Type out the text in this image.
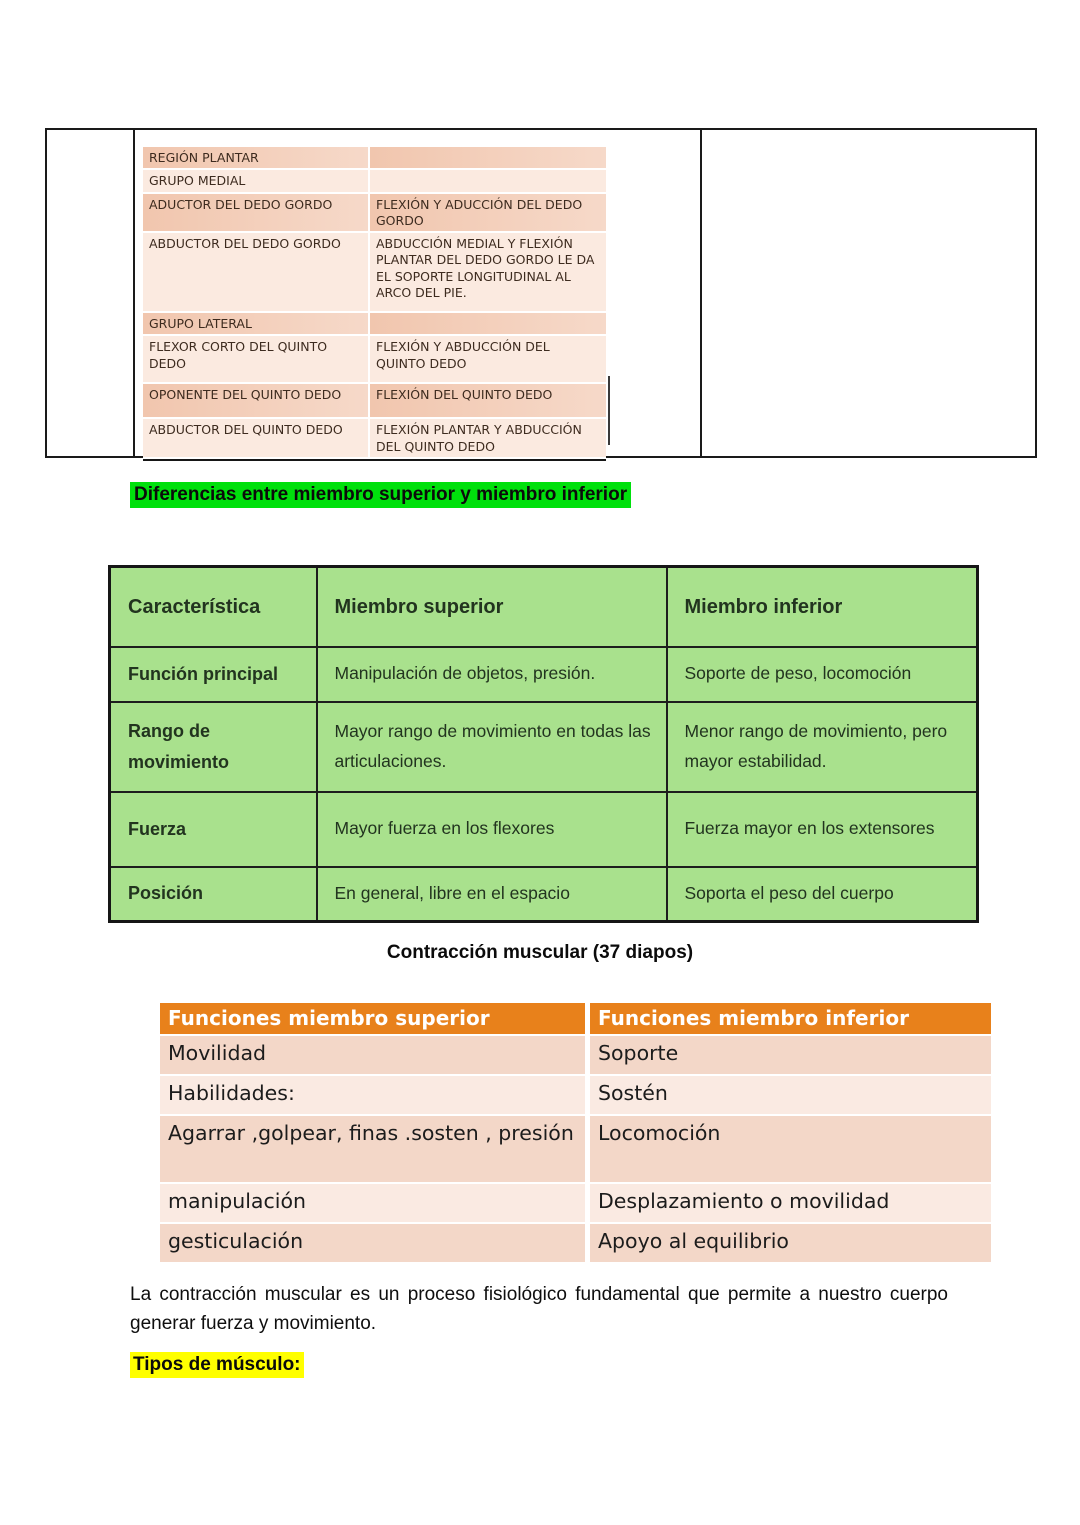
REGIÓN PLANTAR	
GRUPO MEDIAL	
ADUCTOR DEL DEDO GORDO	FLEXIÓN Y ADUCCIÓN DEL DEDO GORDO
ABDUCTOR DEL DEDO GORDO	ABDUCCIÓN MEDIAL Y FLEXIÓN PLANTAR DEL DEDO GORDO LE DA EL SOPORTE LONGITUDINAL AL ARCO DEL PIE.
GRUPO LATERAL	
FLEXOR CORTO DEL QUINTO DEDO	FLEXIÓN Y ABDUCCIÓN DEL QUINTO DEDO
OPONENTE DEL QUINTO DEDO	FLEXIÓN DEL QUINTO DEDO
ABDUCTOR DEL QUINTO DEDO	FLEXIÓN PLANTAR Y ABDUCCIÓN DEL QUINTO DEDO
Diferencias entre miembro superior y miembro inferior
Característica	Miembro superior	Miembro inferior
Función principal	Manipulación de objetos, presión.	Soporte de peso, locomoción
Rango de movimiento	Mayor rango de movimiento en todas las articulaciones.	Menor rango de movimiento, pero mayor estabilidad.
Fuerza	Mayor fuerza en los flexores	Fuerza mayor en los extensores
Posición	En general, libre en el espacio	Soporta el peso del cuerpo
Contracción muscular (37 diapos)
Funciones miembro superior	Funciones miembro inferior
Movilidad	Soporte
Habilidades:	Sostén
Agarrar ,golpear, finas .sosten , presión	Locomoción
manipulación	Desplazamiento o movilidad
gesticulación	Apoyo al equilibrio
La contracción muscular es un proceso fisiológico fundamental que permite a nuestro cuerpo generar fuerza y movimiento.
Tipos de músculo:
